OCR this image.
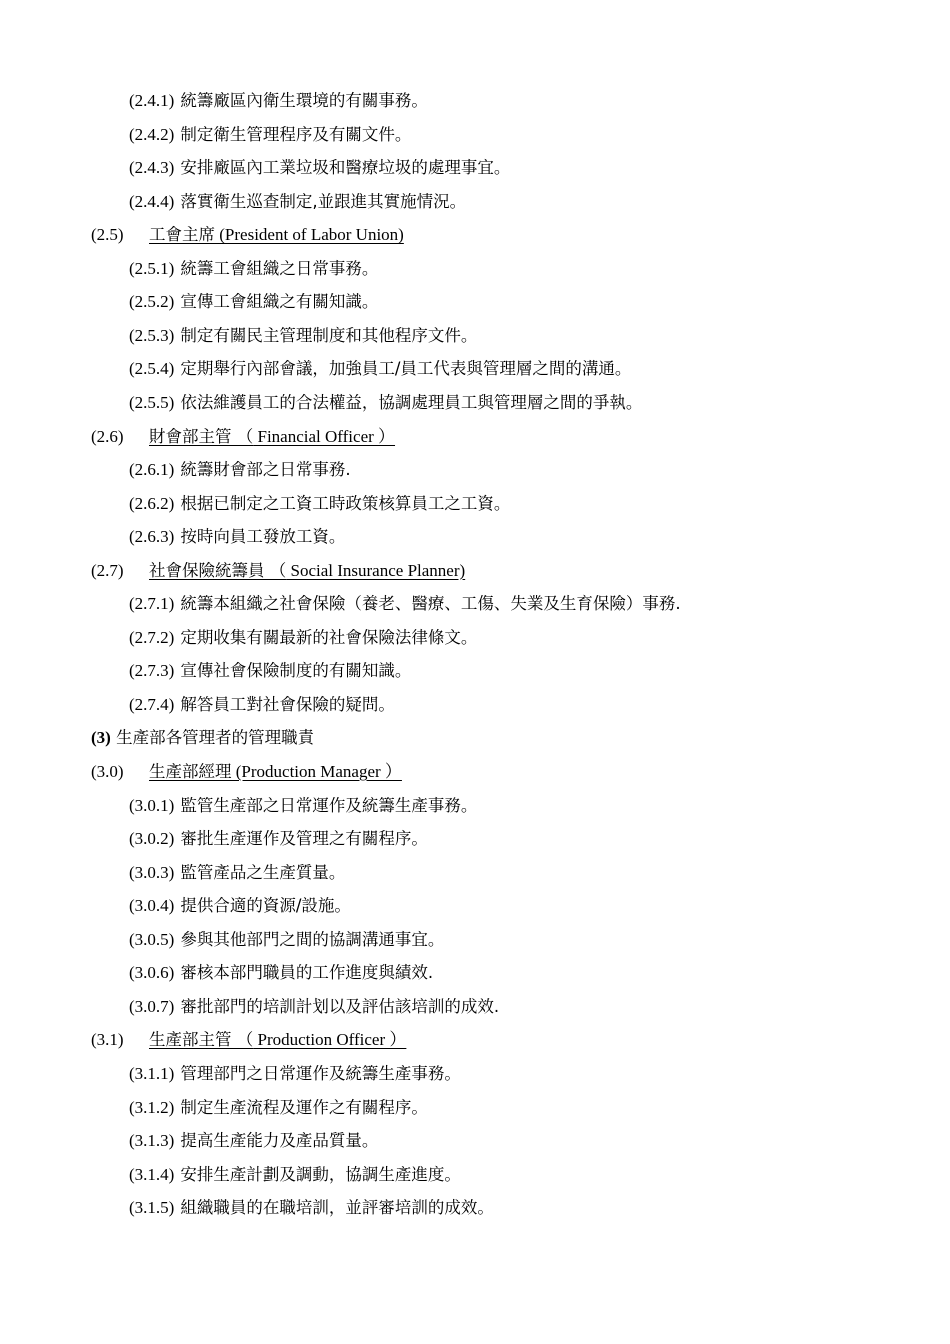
(2.4.1) 統籌廠區內衛生環境的有關事務。
(2.4.2) 制定衛生管理程序及有關文件。
(2.4.3) 安排廠區內工業垃圾和醫療垃圾的處理事宜。
(2.4.4) 落實衛生巡查制定,並跟進其實施情況。
(2.5) 工會主席 (President of Labor Union)
(2.5.1) 統籌工會組織之日常事務。
(2.5.2) 宣傳工會組織之有關知識。
(2.5.3) 制定有關民主管理制度和其他程序文件。
(2.5.4) 定期舉行內部會議，加強員工/員工代表與管理層之間的溝通。
(2.5.5) 依法維護員工的合法權益，協調處理員工與管理層之間的爭執。
(2.6) 財會部主管 （ Financial Officer ）
(2.6.1) 統籌財會部之日常事務.
(2.6.2) 根据已制定之工資工時政策核算員工之工資。
(2.6.3) 按時向員工發放工資。
(2.7) 社會保險統籌員 （ Social Insurance Planner)
(2.7.1) 統籌本組織之社會保險（養老、醫療、工傷、失業及生育保險）事務.
(2.7.2) 定期收集有關最新的社會保險法律條文。
(2.7.3) 宣傳社會保險制度的有關知識。
(2.7.4) 解答員工對社會保險的疑問。
(3) 生產部各管理者的管理職責
(3.0) 生產部經理 (Production Manager ）
(3.0.1) 監管生產部之日常運作及統籌生產事務。
(3.0.2) 審批生產運作及管理之有關程序。
(3.0.3) 監管產品之生產質量。
(3.0.4) 提供合適的資源/設施。
(3.0.5) 參與其他部門之間的協調溝通事宜。
(3.0.6) 審核本部門職員的工作進度與績效.
(3.0.7) 審批部門的培訓計划以及評估該培訓的成效.
(3.1) 生產部主管 （ Production Officer ）
(3.1.1) 管理部門之日常運作及統籌生產事務。
(3.1.2) 制定生產流程及運作之有關程序。
(3.1.3) 提高生產能力及產品質量。
(3.1.4) 安排生產計劃及調動，協調生產進度。
(3.1.5) 組織職員的在職培訓，並評審培訓的成效。
